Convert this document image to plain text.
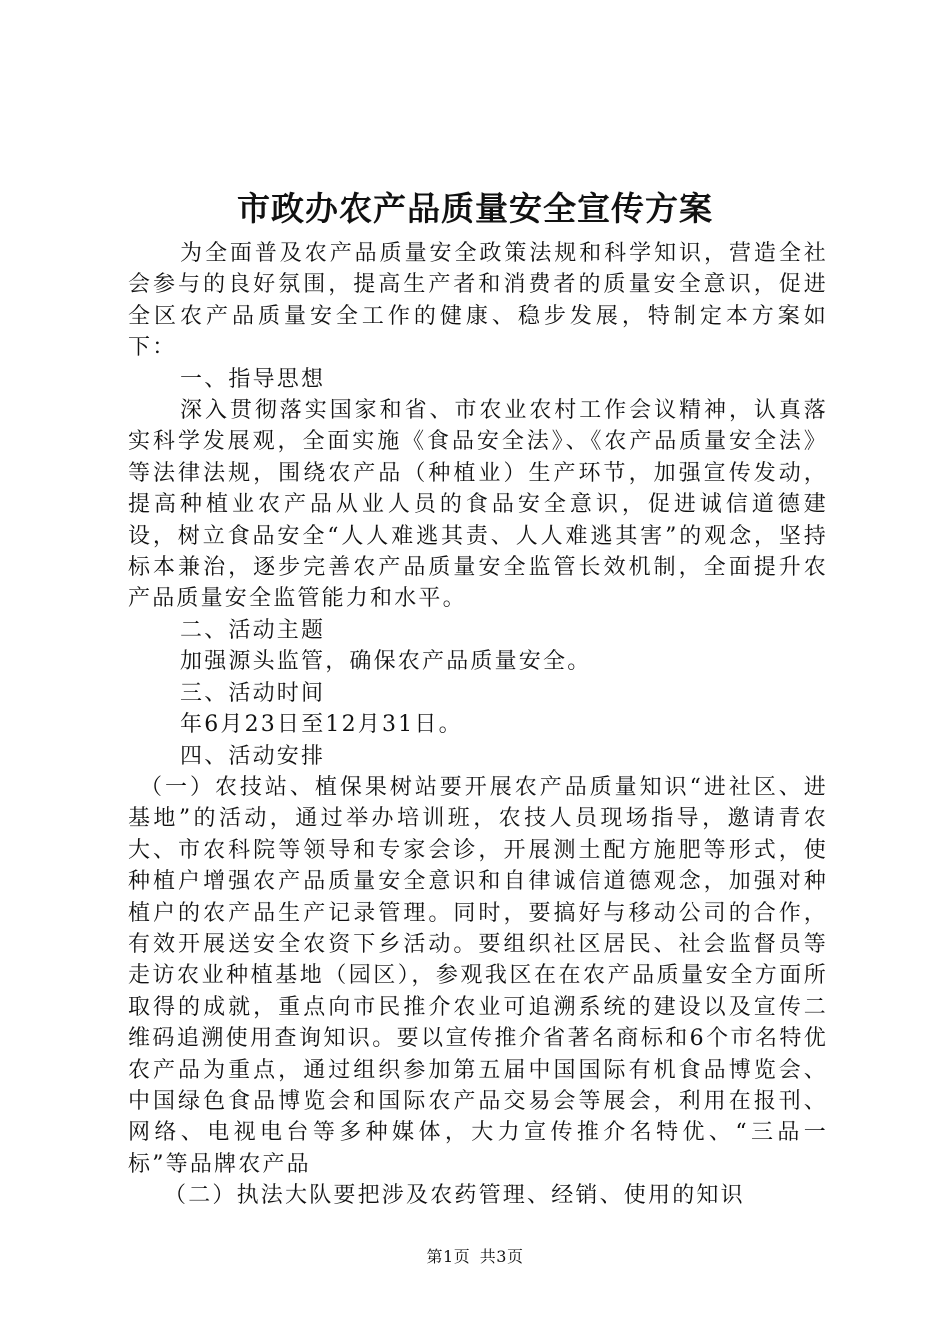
市政办农产品质量安全宣传方案

为全面普及农产品质量安全政策法规和科学知识，营造全社会参与的良好氛围，提高生产者和消费者的质量安全意识，促进全区农产品质量安全工作的健康、稳步发展，特制定本方案如下：

一、指导思想

深入贯彻落实国家和省、市农业农村工作会议精神，认真落实科学发展观，全面实施《食品安全法》、《农产品质量安全法》等法律法规，围绕农产品（种植业）生产环节，加强宣传发动，提高种植业农产品从业人员的食品安全意识，促进诚信道德建设，树立食品安全“人人难逃其责、人人难逃其害”的观念，坚持标本兼治，逐步完善农产品质量安全监管长效机制，全面提升农产品质量安全监管能力和水平。

二、活动主题

加强源头监管，确保农产品质量安全。

三、活动时间

年6月23日至12月31日。

四、活动安排

（一）农技站、植保果树站要开展农产品质量知识“进社区、进基地”的活动，通过举办培训班，农技人员现场指导，邀请青农大、市农科院等领导和专家会诊，开展测土配方施肥等形式，使种植户增强农产品质量安全意识和自律诚信道德观念，加强对种植户的农产品生产记录管理。同时，要搞好与移动公司的合作，有效开展送安全农资下乡活动。要组织社区居民、社会监督员等走访农业种植基地（园区），参观我区在在农产品质量安全方面所取得的成就，重点向市民推介农业可追溯系统的建设以及宣传二维码追溯使用查询知识。要以宣传推介省著名商标和6个市名特优农产品为重点，通过组织参加第五届中国国际有机食品博览会、中国绿色食品博览会和国际农产品交易会等展会，利用在报刊、网络、电视电台等多种媒体，大力宣传推介名特优、“三品一标”等品牌农产品

（二）执法大队要把涉及农药管理、经销、使用的知识

第1页 共3页
